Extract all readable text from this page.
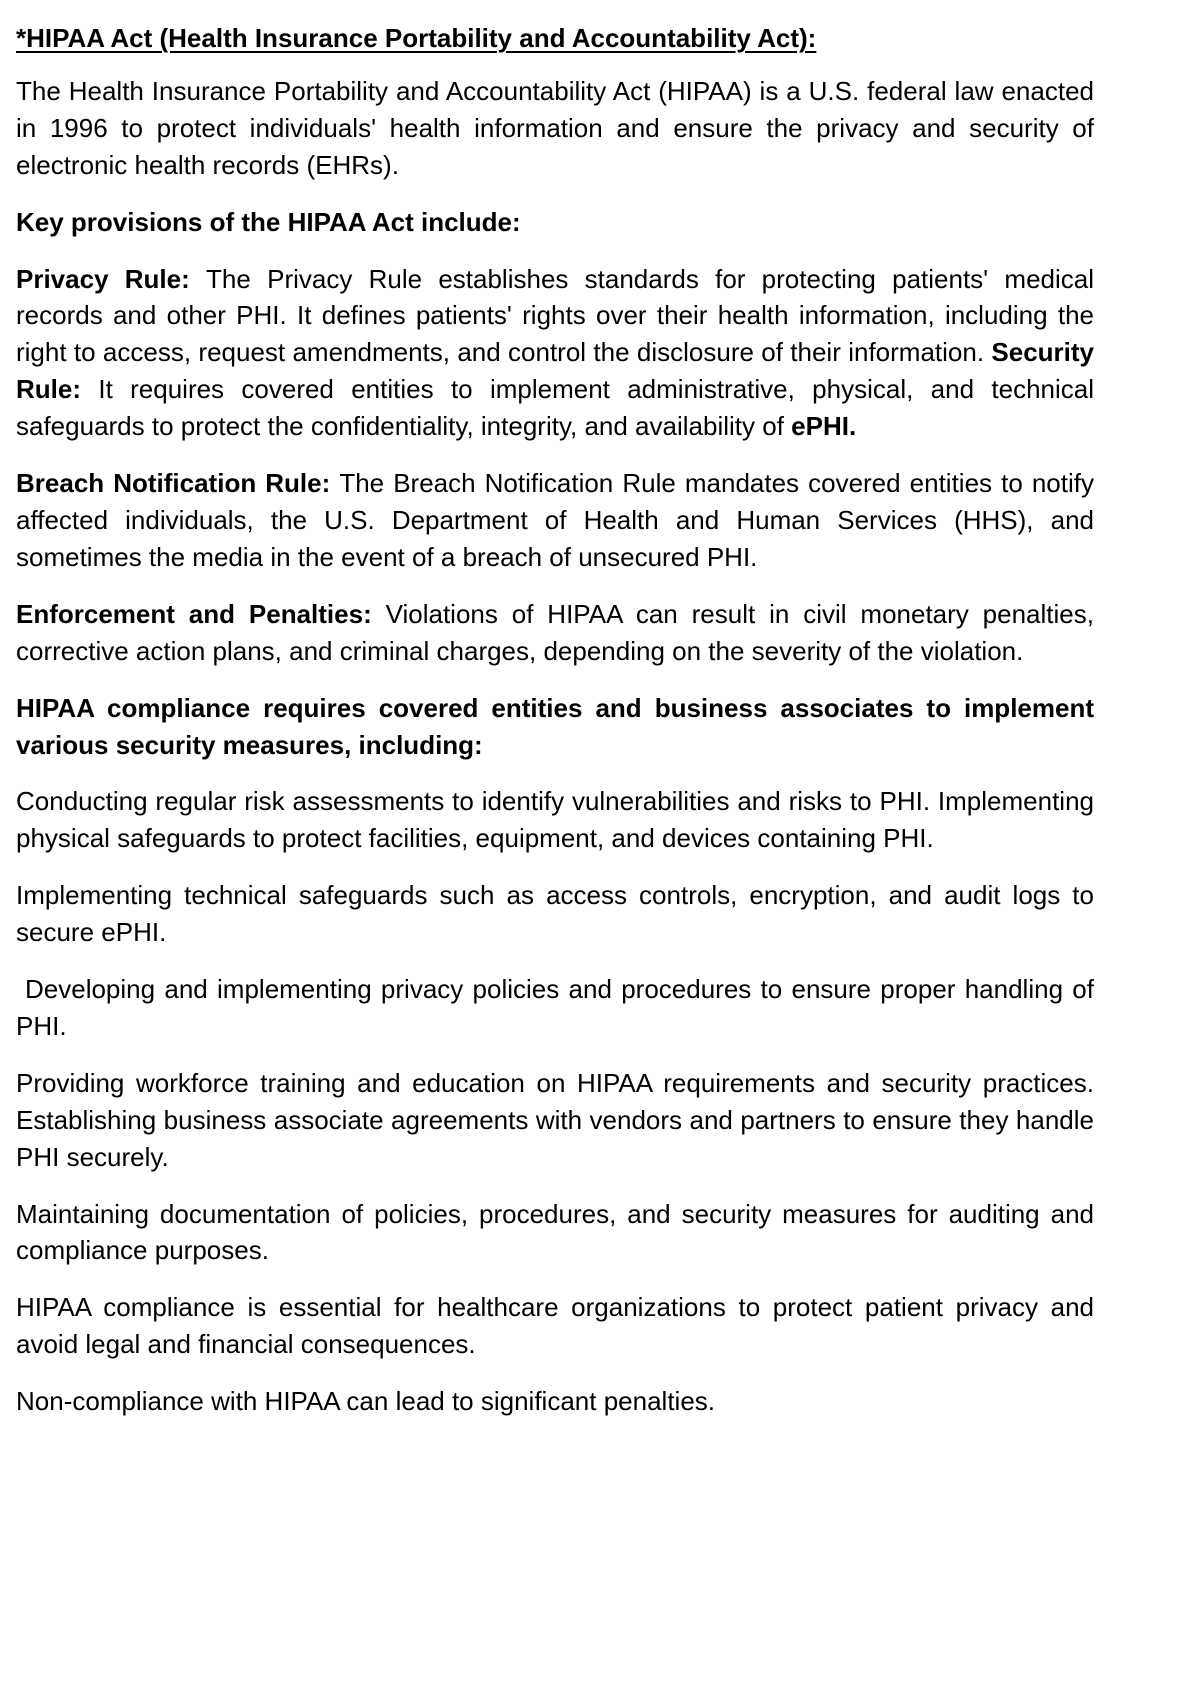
*HIPAA Act (Health Insurance Portability and Accountability Act):

The Health Insurance Portability and Accountability Act (HIPAA) is a U.S. federal law enacted in 1996 to protect individuals' health information and ensure the privacy and security of electronic health records (EHRs).

Key provisions of the HIPAA Act include:

Privacy Rule: The Privacy Rule establishes standards for protecting patients' medical records and other PHI. It defines patients' rights over their health information, including the right to access, request amendments, and control the disclosure of their information. Security Rule: It requires covered entities to implement administrative, physical, and technical safeguards to protect the confidentiality, integrity, and availability of ePHI.

Breach Notification Rule: The Breach Notification Rule mandates covered entities to notify affected individuals, the U.S. Department of Health and Human Services (HHS), and sometimes the media in the event of a breach of unsecured PHI.

Enforcement and Penalties: Violations of HIPAA can result in civil monetary penalties, corrective action plans, and criminal charges, depending on the severity of the violation.

HIPAA compliance requires covered entities and business associates to implement various security measures, including:

Conducting regular risk assessments to identify vulnerabilities and risks to PHI. Implementing physical safeguards to protect facilities, equipment, and devices containing PHI.

Implementing technical safeguards such as access controls, encryption, and audit logs to secure ePHI.

Developing and implementing privacy policies and procedures to ensure proper handling of PHI.

Providing workforce training and education on HIPAA requirements and security practices. Establishing business associate agreements with vendors and partners to ensure they handle PHI securely.

Maintaining documentation of policies, procedures, and security measures for auditing and compliance purposes.

HIPAA compliance is essential for healthcare organizations to protect patient privacy and avoid legal and financial consequences.

Non-compliance with HIPAA can lead to significant penalties.
